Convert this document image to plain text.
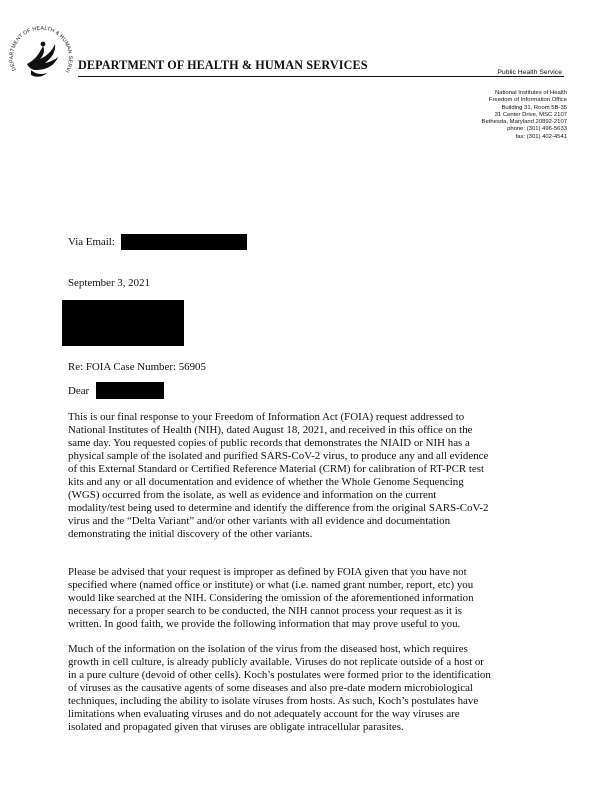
DEPARTMENT OF HEALTH & HUMAN SERVI DEPARTMENT OF HEALTH & HUMAN SERVICES
Public Health Service
National Institutes of Health
Freedom of Information Office
Building 31, Room 5B-35
31 Center Drive, MSC 2107
Bethesda, Maryland 20892-2107
phone: (301) 496-5633
fax: (301) 402-4541
Via Email:
September 3, 2021
Re: FOIA Case Number: 56905
Dear
This is our final response to your Freedom of Information Act (FOIA) request addressed to
National Institutes of Health (NIH), dated August 18, 2021, and received in this office on the
same day. You requested copies of public records that demonstrates the NIAID or NIH has a
physical sample of the isolated and purified SARS-CoV-2 virus, to produce any and all evidence
of this External Standard or Certified Reference Material (CRM) for calibration of RT-PCR test
kits and any or all documentation and evidence of whether the Whole Genome Sequencing
(WGS) occurred from the isolate, as well as evidence and information on the current
modality/test being used to determine and identify the difference from the original SARS-CoV-2
virus and the “Delta Variant” and/or other variants with all evidence and documentation
demonstrating the initial discovery of the other variants.
Please be advised that your request is improper as defined by FOIA given that you have not
specified where (named office or institute) or what (i.e. named grant number, report, etc) you
would like searched at the NIH. Considering the omission of the aforementioned information
necessary for a proper search to be conducted, the NIH cannot process your request as it is
written. In good faith, we provide the following information that may prove useful to you.
Much of the information on the isolation of the virus from the diseased host, which requires
growth in cell culture, is already publicly available. Viruses do not replicate outside of a host or
in a pure culture (devoid of other cells). Koch’s postulates were formed prior to the identification
of viruses as the causative agents of some diseases and also pre-date modern microbiological
techniques, including the ability to isolate viruses from hosts. As such, Koch’s postulates have
limitations when evaluating viruses and do not adequately account for the way viruses are
isolated and propagated given that viruses are obligate intracellular parasites.
